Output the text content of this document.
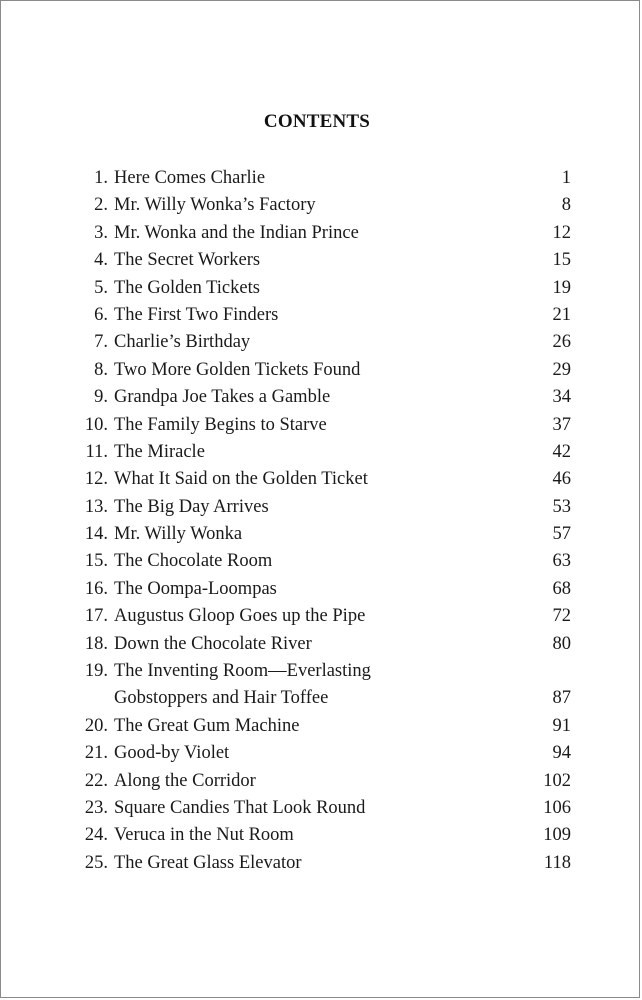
CONTENTS
1. Here Comes Charlie	1
2. Mr. Willy Wonka’s Factory	8
3. Mr. Wonka and the Indian Prince	12
4. The Secret Workers	15
5. The Golden Tickets	19
6. The First Two Finders	21
7. Charlie’s Birthday	26
8. Two More Golden Tickets Found	29
9. Grandpa Joe Takes a Gamble	34
10. The Family Begins to Starve	37
11. The Miracle	42
12. What It Said on the Golden Ticket	46
13. The Big Day Arrives	53
14. Mr. Willy Wonka	57
15. The Chocolate Room	63
16. The Oompa-Loompas	68
17. Augustus Gloop Goes up the Pipe	72
18. Down the Chocolate River	80
19. The Inventing Room—Everlasting
Gobstoppers and Hair Toffee	87
20. The Great Gum Machine	91
21. Good-by Violet	94
22. Along the Corridor	102
23. Square Candies That Look Round	106
24. Veruca in the Nut Room	109
25. The Great Glass Elevator	118
